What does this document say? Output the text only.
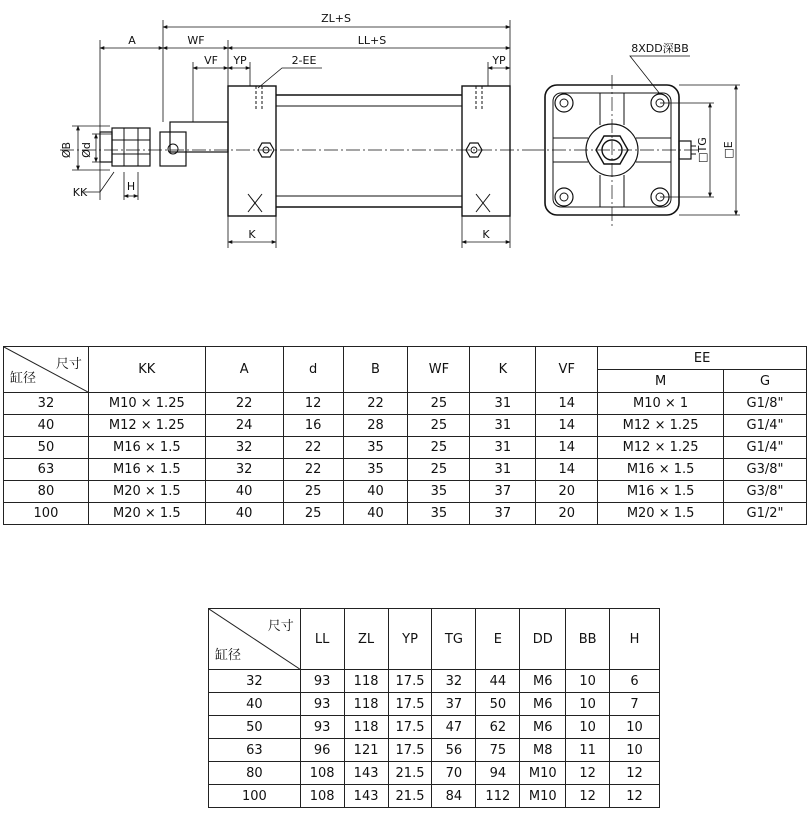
ZL+S
A	WF	LL+S
VF YP	2-EE	YP
ØB Ød
KK	H
K	K
8XDD深BB
□TG □E
尺寸
缸径	KK	A	d	B	WF	K	VF	EE	
								M	G
32	M10 × 1.25	22	12	22	25	31	14	M10 × 1	G1/8"
40	M12 × 1.25	24	16	28	25	31	14	M12 × 1.25	G1/4"
50	M16 × 1.5	32	22	35	25	31	14	M12 × 1.25	G1/4"
63	M16 × 1.5	32	22	35	25	31	14	M16 × 1.5	G3/8"
80	M20 × 1.5	40	25	40	35	37	20	M16 × 1.5	G3/8"
100	M20 × 1.5	40	25	40	35	37	20	M20 × 1.5	G1/2"
尺寸
缸径	LL	ZL	YP	TG	E	DD	BB	H
32	93	118	17.5	32	44	M6	10	6
40	93	118	17.5	37	50	M6	10	7
50	93	118	17.5	47	62	M6	10	10
63	96	121	17.5	56	75	M8	11	10
80	108	143	21.5	70	94	M10	12	12
100	108	143	21.5	84	112	M10	12	12
